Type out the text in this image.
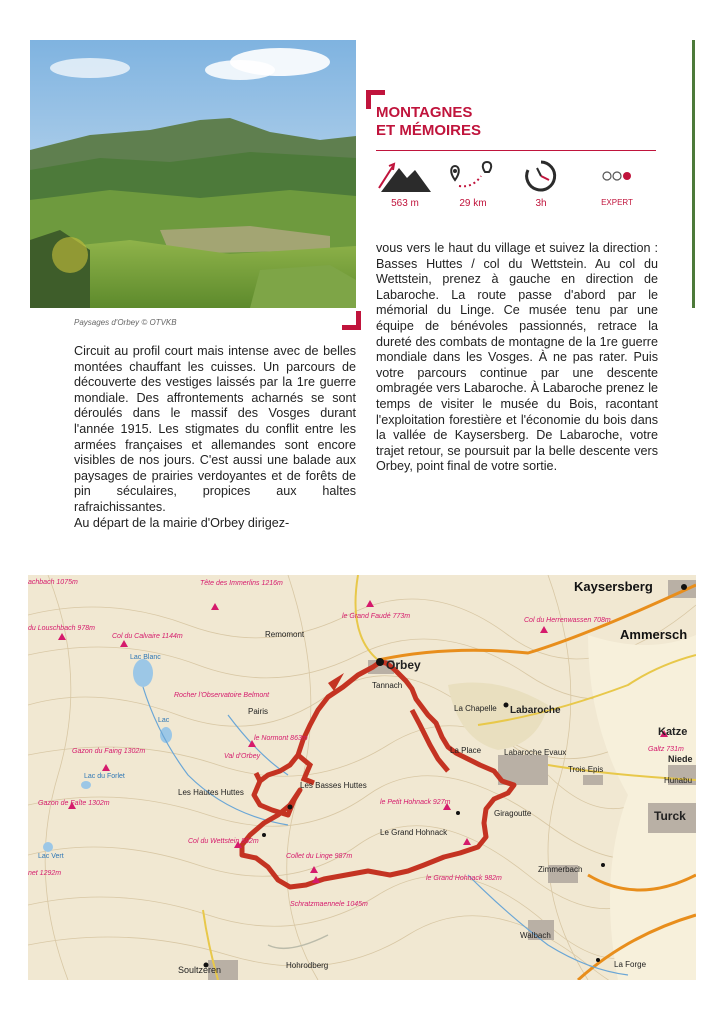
Paysages d'Orbey © OTVKB
MONTAGNES
ET MÉMOIRES
563 m	29 km	3h	EXPERT

Circuit au profil court mais intense avec de belles montées chauffant les cuisses. Un parcours de découverte des vestiges laissés par la 1re guerre mondiale. Des affrontements acharnés se sont déroulés dans le massif des Vosges durant l'année 1915. Les stigmates du conflit entre les armées françaises et allemandes sont encore visibles de nos jours. C'est aussi une balade aux paysages de prairies verdoyantes et de forêts de pin séculaires, propices aux haltes rafraichissantes.

Au départ de la mairie d'Orbey dirigez-

vous vers le haut du village et suivez la direction : Basses Huttes / col du Wettstein. Au col du Wettstein, prenez à gauche en direction de Labaroche. La route passe d'abord par le mémorial du Linge. Ce musée tenu par une équipe de bénévoles passionnés, retrace la dureté des combats de montagne de la 1re guerre mondiale dans les Vosges. À ne pas rater. Puis votre parcours continue par une descente ombragée vers Labaroche. À Labaroche prenez le temps de visiter le musée du Bois, racontant l'exploitation forestière et l'économie du bois dans la vallée de Kaysersberg. De Labaroche, votre trajet retour, se poursuit par la belle descente vers Orbey, point final de votre sortie.

Kaysersberg
Ammersch
Orbey
Labaroche
Katze
Niede
Hunabu
Turck
Remomont
Tannach
La Chapelle
La Place	Labaroche Evaux
Trois Epis
Pairis
Les Hautes Huttes
Les Basses Huttes
Giragoutte
Le Grand Hohnack
Zimmerbach
Walbach
La Forge
Soultzeren	Hohrodberg
achbach 1075m	Tête des Immerlins 1216m
le Grand Faudé 773m
Col du Herrenwassen 708m
du Louschbach 978m
Col du Calvaire 1144m
Rocher l'Observatoire Belmont
le Normont 863m
Gazon du Faing 1302m
Val d'Orbey
Galtz 731m
Gazon de Faîte 1302m	le Petit Hohnack 927m
Col du Wettstein 882m
Collet du Linge 987m
Schratzmaennele 1045m
le Grand Hohnack 982m
net 1292m
Lac Blanc
Lac
Lac du Forlet
Lac Vert
